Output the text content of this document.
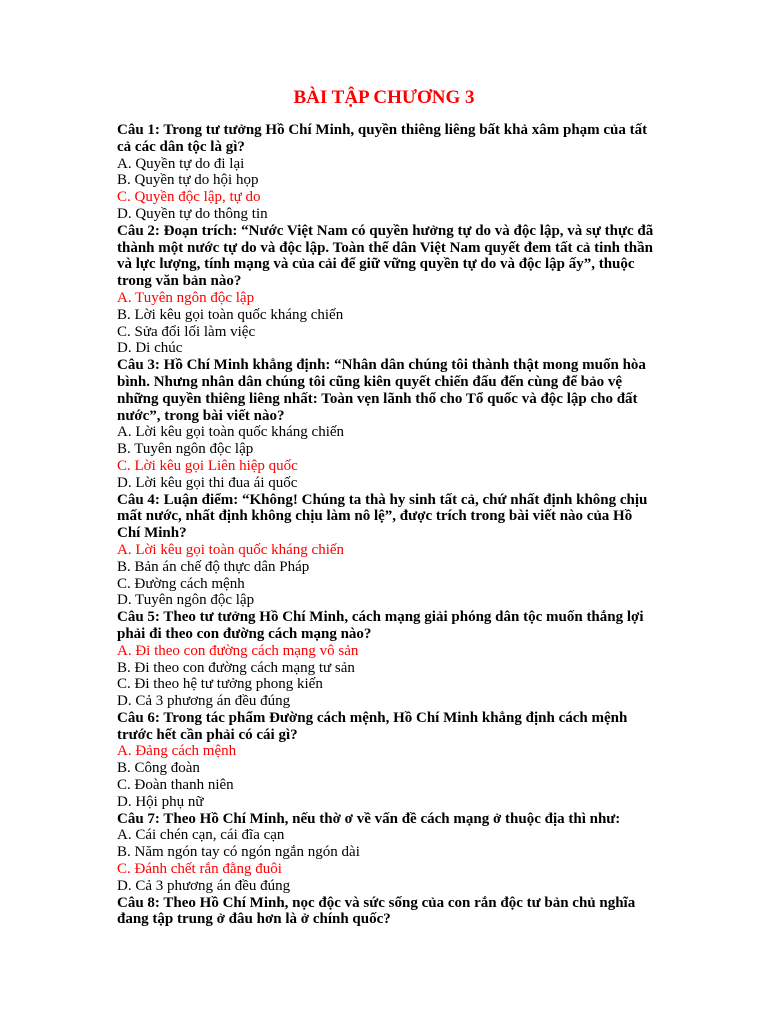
BÀI TẬP CHƯƠNG 3

Câu 1: Trong tư tưởng Hồ Chí Minh, quyền thiêng liêng bất khả xâm phạm của tất cả các dân tộc là gì?

A. Quyền tự do đi lại

B. Quyền tự do hội họp

C. Quyền độc lập, tự do

D. Quyền tự do thông tin

Câu 2: Đoạn trích: “Nước Việt Nam có quyền hưởng tự do và độc lập, và sự thực đã thành một nước tự do và độc lập. Toàn thể dân Việt Nam quyết đem tất cả tinh thần và lực lượng, tính mạng và của cải để giữ vững quyền tự do và độc lập ấy”, thuộc trong văn bản nào?

A. Tuyên ngôn độc lập

B. Lời kêu gọi toàn quốc kháng chiến

C. Sửa đổi lối làm việc

D. Di chúc

Câu 3: Hồ Chí Minh khẳng định: “Nhân dân chúng tôi thành thật mong muốn hòa bình. Nhưng nhân dân chúng tôi cũng kiên quyết chiến đấu đến cùng để bảo vệ những quyền thiêng liêng nhất: Toàn vẹn lãnh thổ cho Tổ quốc và độc lập cho đất nước”, trong bài viết nào?

A. Lời kêu gọi toàn quốc kháng chiến

B. Tuyên ngôn độc lập

C. Lời kêu gọi Liên hiệp quốc

D. Lời kêu gọi thi đua ái quốc

Câu 4: Luận điểm: “Không! Chúng ta thà hy sinh tất cả, chứ nhất định không chịu mất nước, nhất định không chịu làm nô lệ”, được trích trong bài viết nào của Hồ Chí Minh?

A. Lời kêu gọi toàn quốc kháng chiến

B. Bản án chế độ thực dân Pháp

C. Đường cách mệnh

D. Tuyên ngôn độc lập

Câu 5: Theo tư tưởng Hồ Chí Minh, cách mạng giải phóng dân tộc muốn thắng lợi phải đi theo con đường cách mạng nào?

A. Đi theo con đường cách mạng vô sản

B. Đi theo con đường cách mạng tư sản

C. Đi theo hệ tư tưởng phong kiến

D. Cả 3 phương án đều đúng

Câu 6: Trong tác phẩm Đường cách mệnh, Hồ Chí Minh khẳng định cách mệnh trước hết cần phải có cái gì?

A. Đảng cách mệnh

B. Công đoàn

C. Đoàn thanh niên

D. Hội phụ nữ

Câu 7: Theo Hồ Chí Minh, nếu thờ ơ về vấn đề cách mạng ở thuộc địa thì như:

A. Cái chén cạn, cái đĩa cạn

B. Năm ngón tay có ngón ngắn ngón dài

C. Đánh chết rắn đằng đuôi

D. Cả 3 phương án đều đúng

Câu 8: Theo Hồ Chí Minh, nọc độc và sức sống của con rắn độc tư bản chủ nghĩa đang tập trung ở đâu hơn là ở chính quốc?
